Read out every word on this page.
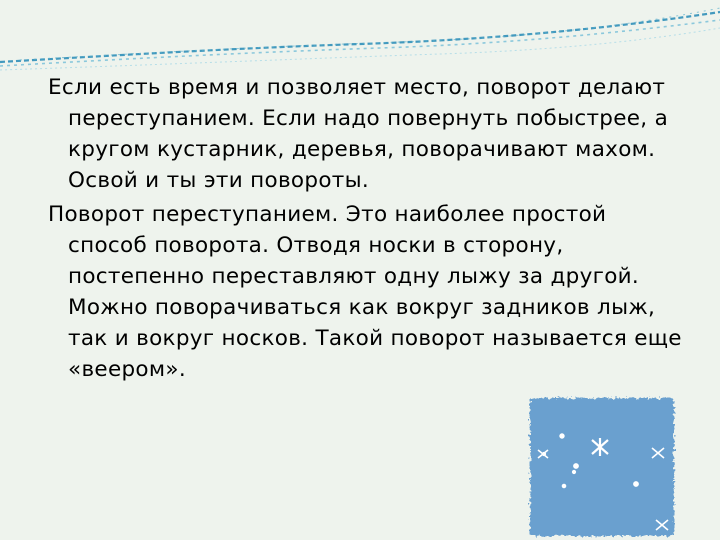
Если есть время и позволяет место, поворот делают переступанием. Если надо повернуть побыстрее, а кругом кустарник, деревья, поворачивают махом. Освой и ты эти повороты.

Поворот переступанием. Это наиболее простой способ поворота. Отводя носки в сторону, постепенно переставляют одну лыжу за другой. Можно поворачиваться как вокруг задников лыж, так и вокруг носков. Такой поворот называется еще «веером».
